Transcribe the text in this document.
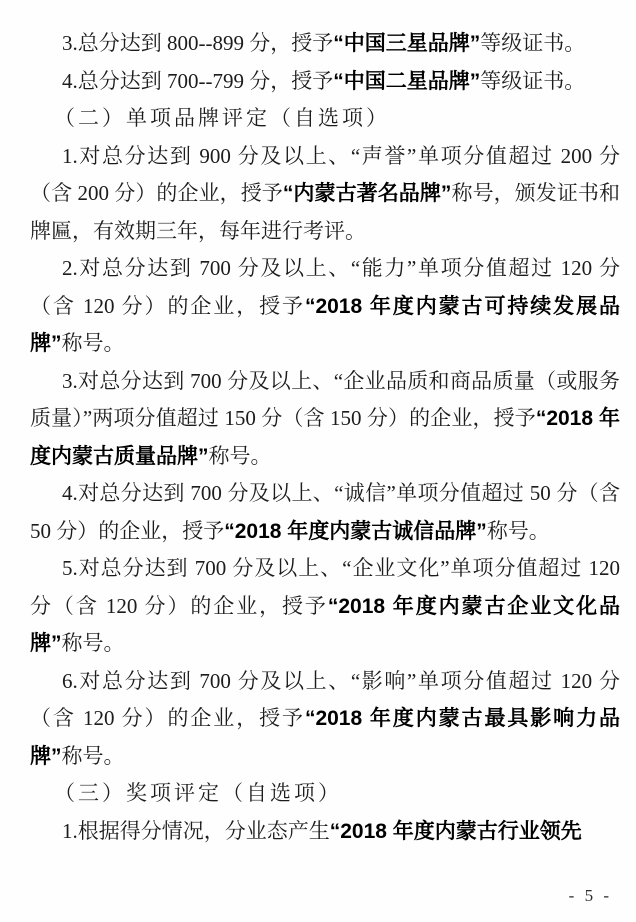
3.总分达到 800--899 分，授予“中国三星品牌”等级证书。

4.总分达到 700--799 分，授予“中国二星品牌”等级证书。

（二）单项品牌评定（自选项）

1.对总分达到 900 分及以上、“声誉”单项分值超过 200 分（含 200 分）的企业，授予“内蒙古著名品牌”称号，颁发证书和牌匾，有效期三年，每年进行考评。

2.对总分达到 700 分及以上、“能力”单项分值超过 120 分（含 120 分）的企业，授予“2018 年度内蒙古可持续发展品牌”称号。

3.对总分达到 700 分及以上、“企业品质和商品质量（或服务质量）”两项分值超过 150 分（含 150 分）的企业，授予“2018 年度内蒙古质量品牌”称号。

4.对总分达到 700 分及以上、“诚信”单项分值超过 50 分（含 50 分）的企业，授予“2018 年度内蒙古诚信品牌”称号。

5.对总分达到 700 分及以上、“企业文化”单项分值超过 120 分（含 120 分）的企业，授予“2018 年度内蒙古企业文化品牌”称号。

6.对总分达到 700 分及以上、“影响”单项分值超过 120 分（含 120 分）的企业，授予“2018 年度内蒙古最具影响力品牌”称号。

（三）奖项评定（自选项）

1.根据得分情况，分业态产生“2018 年度内蒙古行业领先

- 5 -
